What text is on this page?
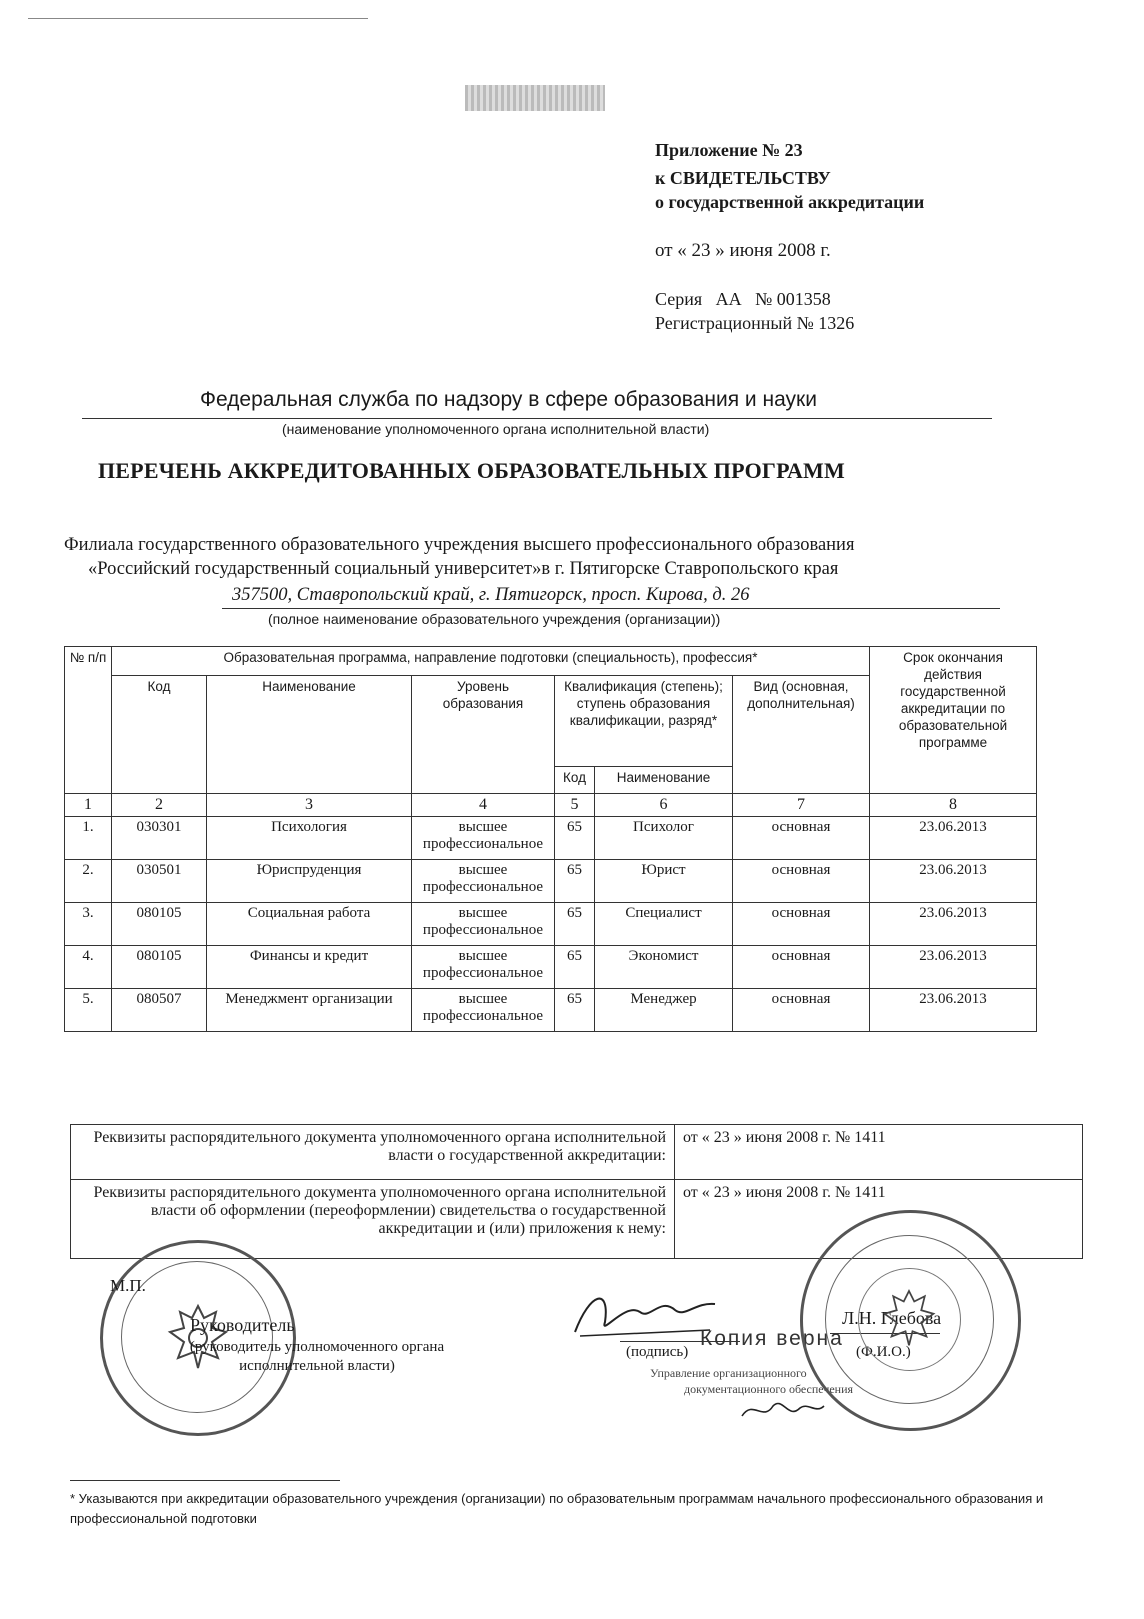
Приложение № 23
к СВИДЕТЕЛЬСТВУ
о государственной аккредитации
от « 23 » июня 2008 г.
Серия   АА   № 001358
Регистрационный № 1326
Федеральная служба по надзору в сфере образования и науки
(наименование уполномоченного органа исполнительной власти)
ПЕРЕЧЕНЬ АККРЕДИТОВАННЫХ ОБРАЗОВАТЕЛЬНЫХ ПРОГРАММ
Филиала государственного образовательного учреждения высшего профессионального образования
«Российский государственный социальный университет»в г. Пятигорске Ставропольского края
357500, Ставропольский край, г. Пятигорск, просп. Кирова, д. 26
(полное наименование образовательного учреждения (организации))
№ п/п	Образовательная программа, направление подготовки (специальность), профессия*						Срок окончания действия государственной аккредитации по образовательной программе
	Код	Наименование	Уровень образования	Квалификация (степень); ступень образования квалификации, разряд*		Вид (основная, дополнительная)	
				Код	Наименование		
1	2	3	4	5	6	7	8
1.	030301	Психология	высшее профессиональное	65	Психолог	основная	23.06.2013
2.	030501	Юриспруденция	высшее профессиональное	65	Юрист	основная	23.06.2013
3.	080105	Социальная работа	высшее профессиональное	65	Специалист	основная	23.06.2013
4.	080105	Финансы и кредит	высшее профессиональное	65	Экономист	основная	23.06.2013
5.	080507	Менеджмент организации	высшее профессиональное	65	Менеджер	основная	23.06.2013
Реквизиты распорядительного документа уполномоченного органа исполнительной власти о государственной аккредитации:	от « 23 » июня 2008 г. № 1411
Реквизиты распорядительного документа уполномоченного органа исполнительной власти об оформлении (переоформлении) свидетельства о государственной аккредитации и (или) приложения к нему:	от « 23 » июня 2008 г. № 1411
М.П.
Руководитель
(руководитель уполномоченного органа исполнительной власти)
(подпись)
Л.Н. Глебова
(Ф.И.О.)
Копия верна
Управление организационного
документационного обеспечения
* Указываются при аккредитации образовательного учреждения (организации) по образовательным программам начального профессионального образования и профессиональной подготовки
